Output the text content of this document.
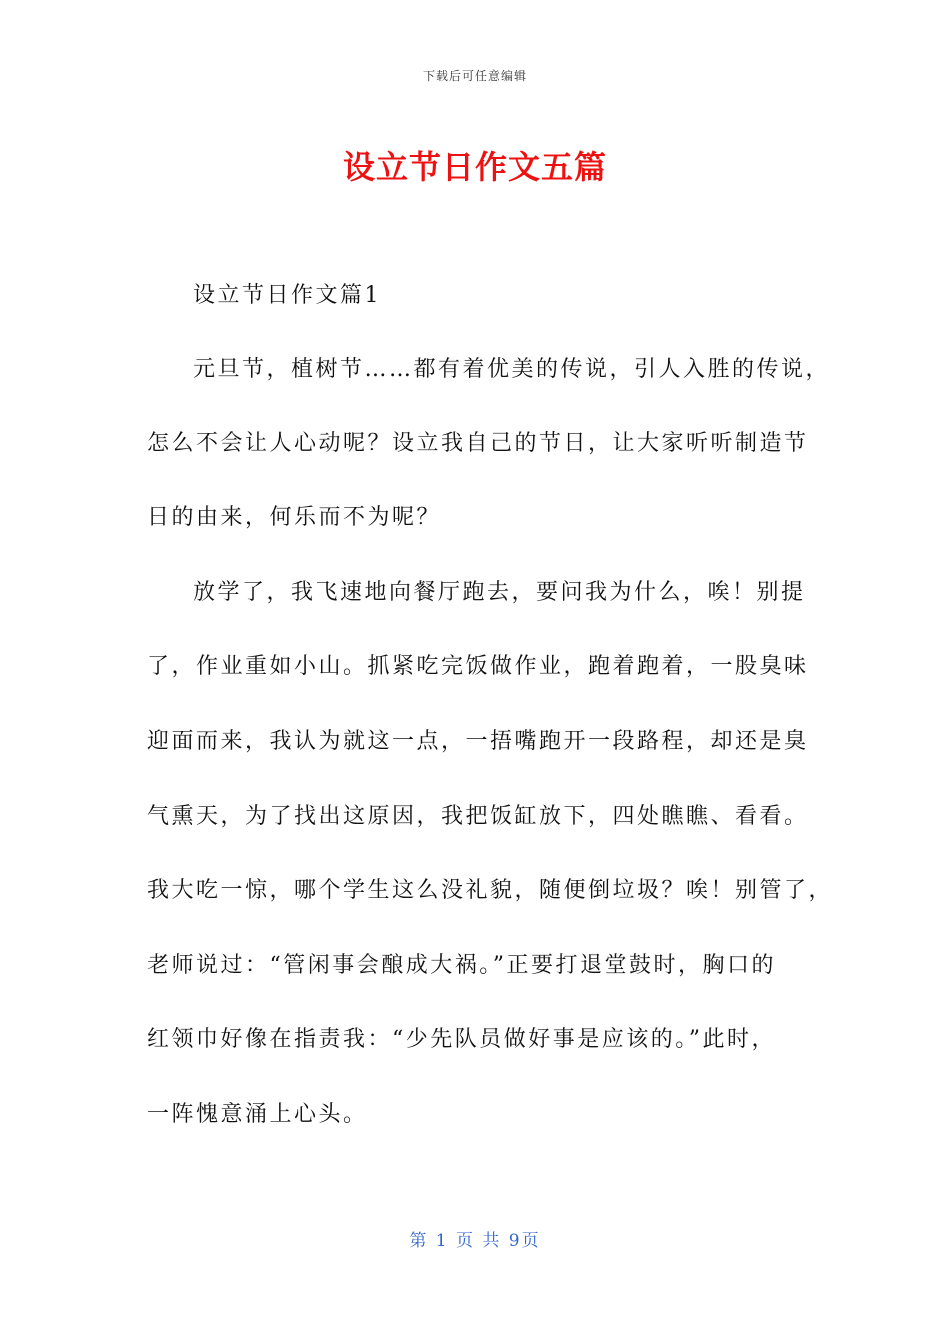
下载后可任意编辑
设立节日作文五篇
设立节日作文篇1
元旦节，植树节……都有着优美的传说，引人入胜的传说，
怎么不会让人心动呢？设立我自己的节日，让大家听听制造节
日的由来，何乐而不为呢？
放学了，我飞速地向餐厅跑去，要问我为什么，唉！别提
了，作业重如小山。抓紧吃完饭做作业，跑着跑着，一股臭味
迎面而来，我认为就这一点，一捂嘴跑开一段路程，却还是臭
气熏天，为了找出这原因，我把饭缸放下，四处瞧瞧、看看。
我大吃一惊，哪个学生这么没礼貌，随便倒垃圾？唉！别管了，
老师说过：“管闲事会酿成大祸。”正要打退堂鼓时，胸口的
红领巾好像在指责我：“少先队员做好事是应该的。”此时，
一阵愧意涌上心头。
第 1 页 共 9页
